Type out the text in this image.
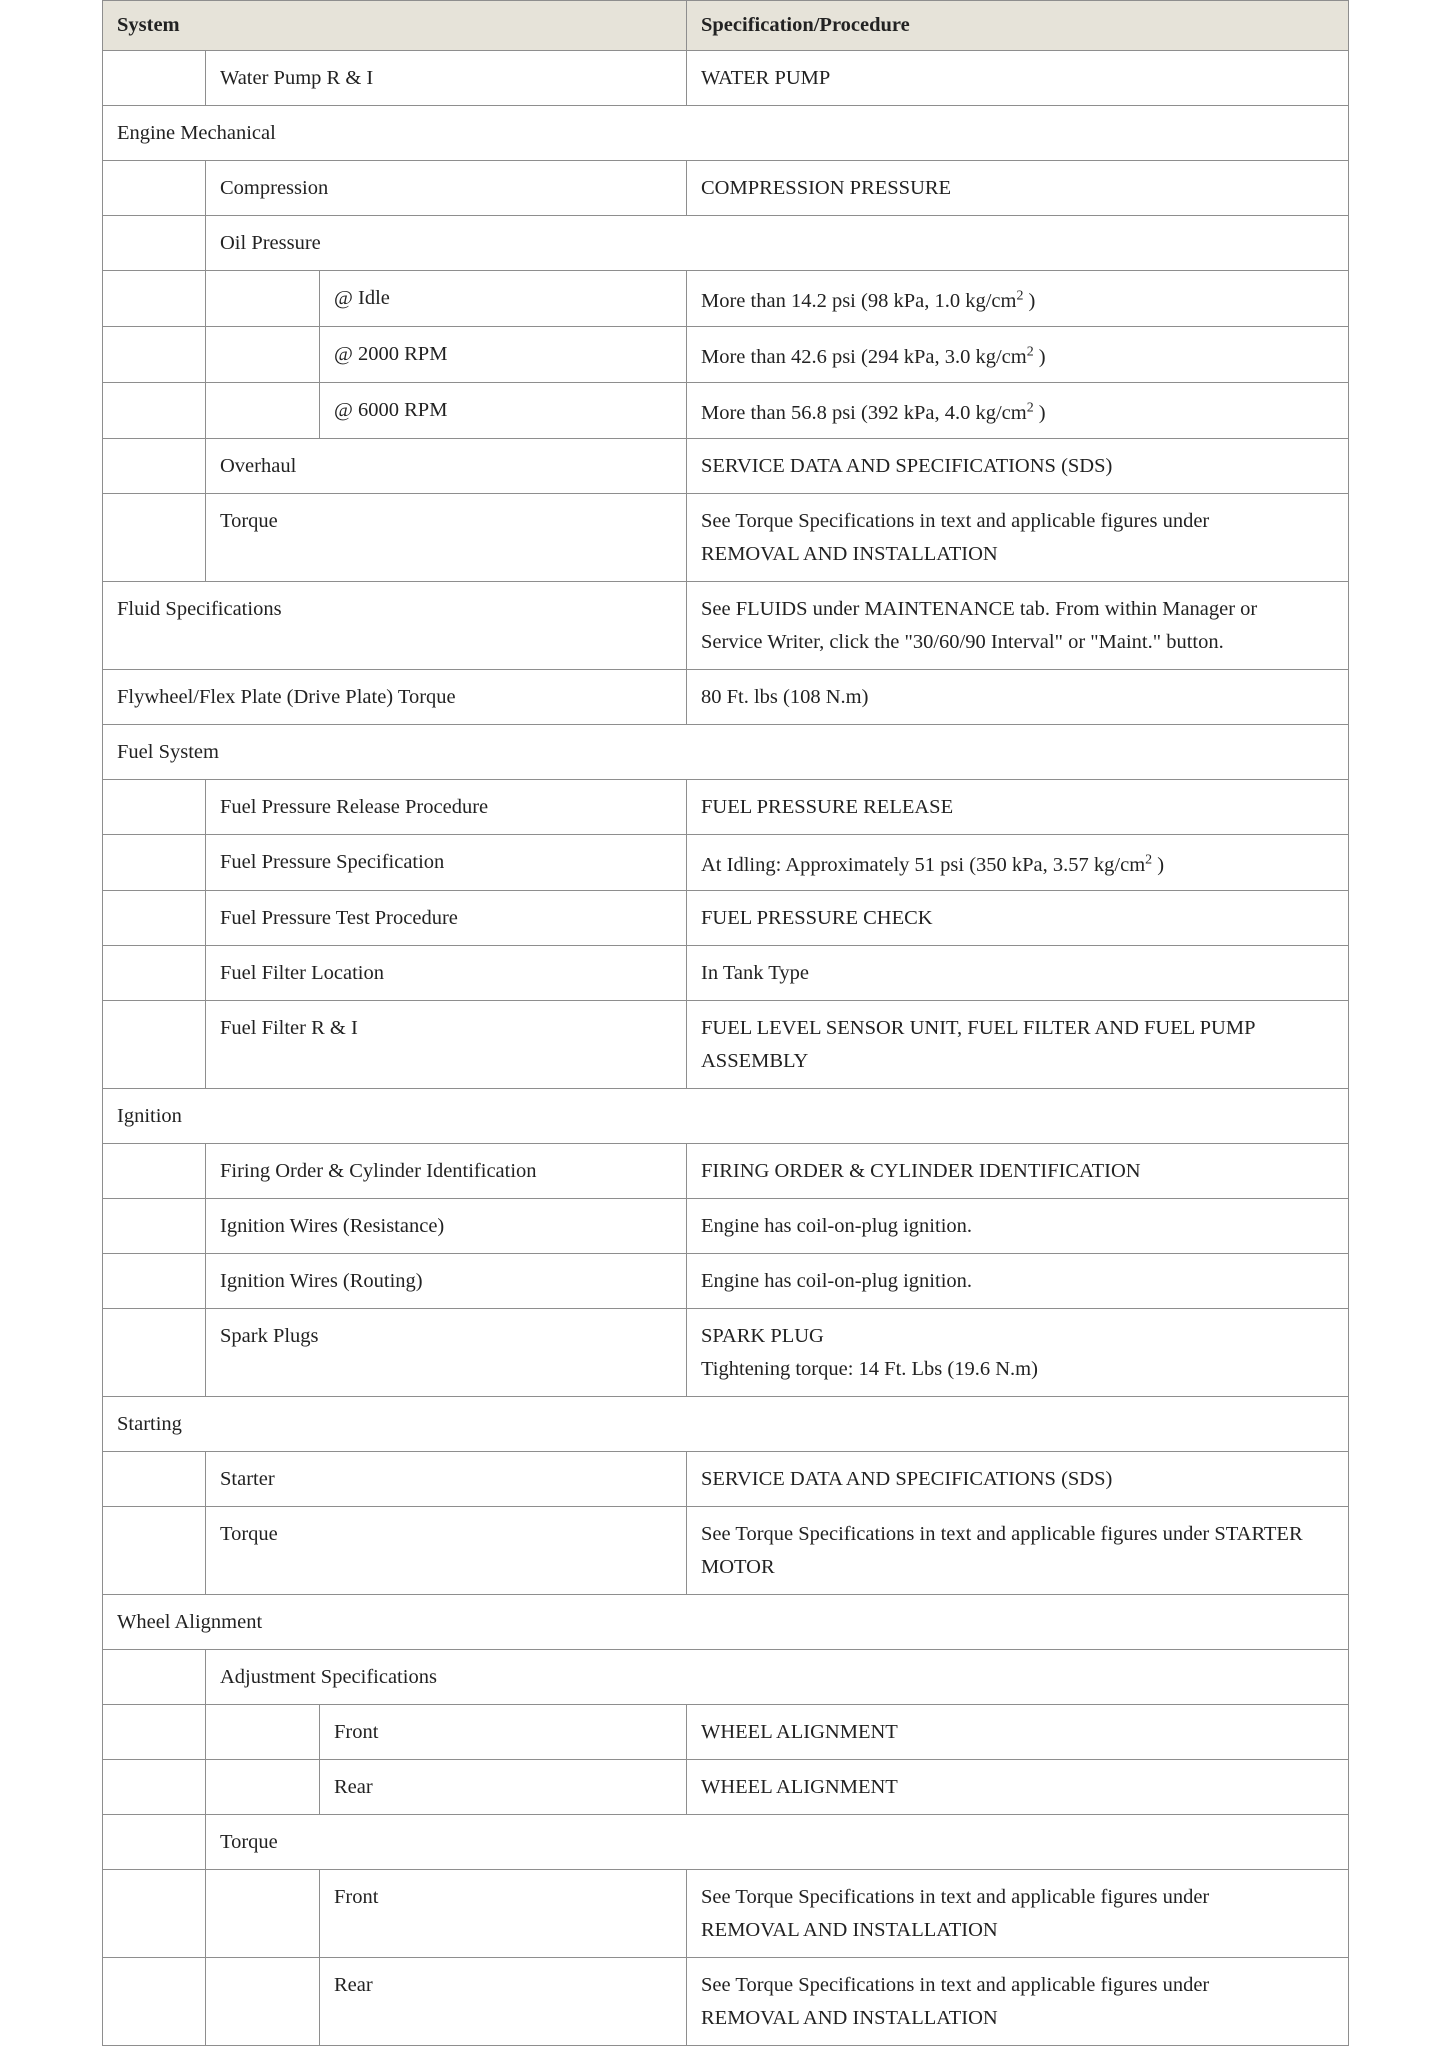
System			Specification/Procedure
	Water Pump R & I		WATER PUMP
Engine Mechanical			
	Compression		COMPRESSION PRESSURE
	Oil Pressure		
		@ Idle	More than 14.2 psi (98 kPa, 1.0 $kg/cm^2$ )
		@ 2000 RPM	More than 42.6 psi (294 kPa, 3.0 $kg/cm^2$ )
		@ 6000 RPM	More than 56.8 psi (392 kPa, 4.0 $kg/cm^2$ )
	Overhaul		SERVICE DATA AND SPECIFICATIONS (SDS)
	Torque		See Torque Specifications in text and applicable figures under
REMOVAL AND INSTALLATION

Fluid Specifications			See FLUIDS under MAINTENANCE tab. From within Manager or
Service Writer, click the "30/60/90 Interval" or "Maint." button.

Flywheel/Flex Plate (Drive Plate) Torque			80 Ft. lbs (108 N.m)
Fuel System			
	Fuel Pressure Release Procedure		FUEL PRESSURE RELEASE
	Fuel Pressure Specification		At Idling: Approximately 51 psi (350 kPa, 3.57 $kg/cm^2$ )
	Fuel Pressure Test Procedure		FUEL PRESSURE CHECK
	Fuel Filter Location		In Tank Type
	Fuel Filter R & I		FUEL LEVEL SENSOR UNIT, FUEL FILTER AND FUEL PUMP
ASSEMBLY

Ignition			
	Firing Order & Cylinder Identification		FIRING ORDER & CYLINDER IDENTIFICATION
	Ignition Wires (Resistance)		Engine has coil-on-plug ignition.
	Ignition Wires (Routing)		Engine has coil-on-plug ignition.
	Spark Plugs		SPARK PLUG
Tightening torque: 14 Ft. Lbs (19.6 N.m)

Starting			
	Starter		SERVICE DATA AND SPECIFICATIONS (SDS)
	Torque		See Torque Specifications in text and applicable figures under STARTER
MOTOR

Wheel Alignment			
	Adjustment Specifications		
		Front	WHEEL ALIGNMENT
		Rear	WHEEL ALIGNMENT
	Torque		
		Front	See Torque Specifications in text and applicable figures under
REMOVAL AND INSTALLATION

		Rear	See Torque Specifications in text and applicable figures under
REMOVAL AND INSTALLATION
